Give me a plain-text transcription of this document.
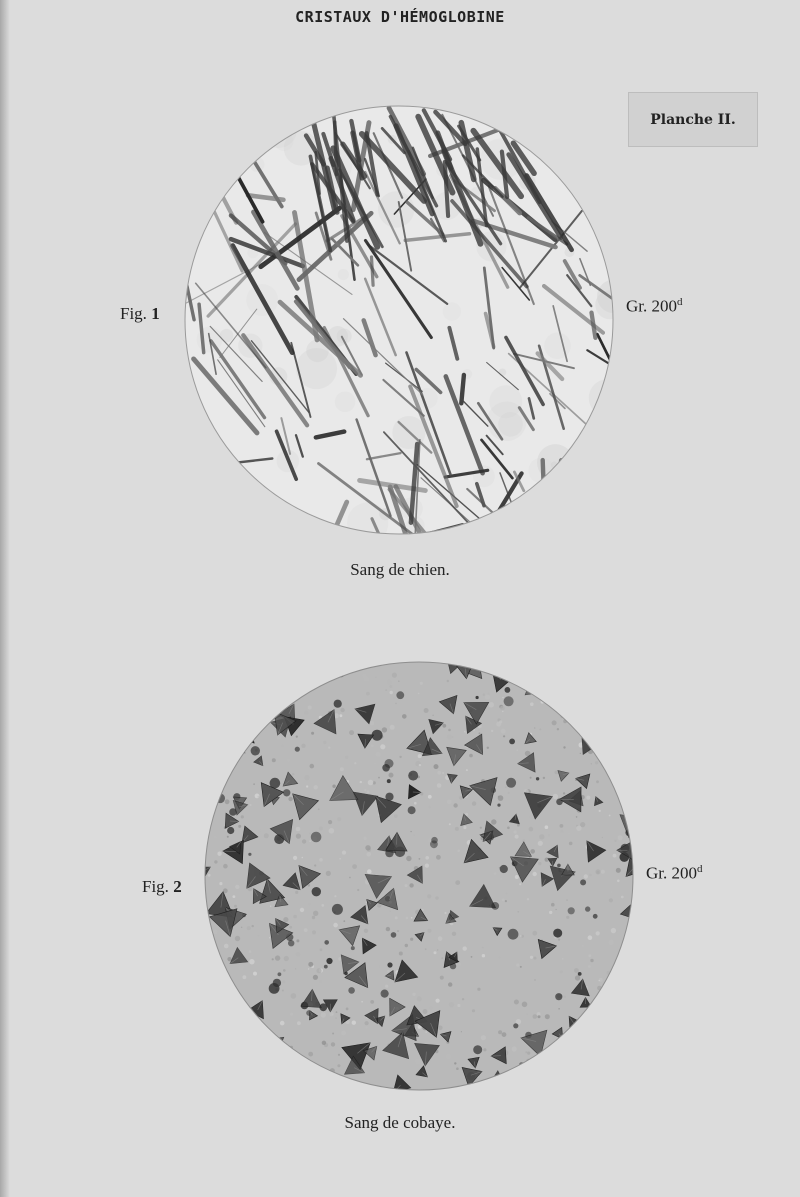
CRISTAUX D'HÉMOGLOBINE
Planche II.
Fig. 1	Gr. 200$^d$
Sang de chien.
Fig. 2
Gr. 200$^d$
Sang de cobaye.
